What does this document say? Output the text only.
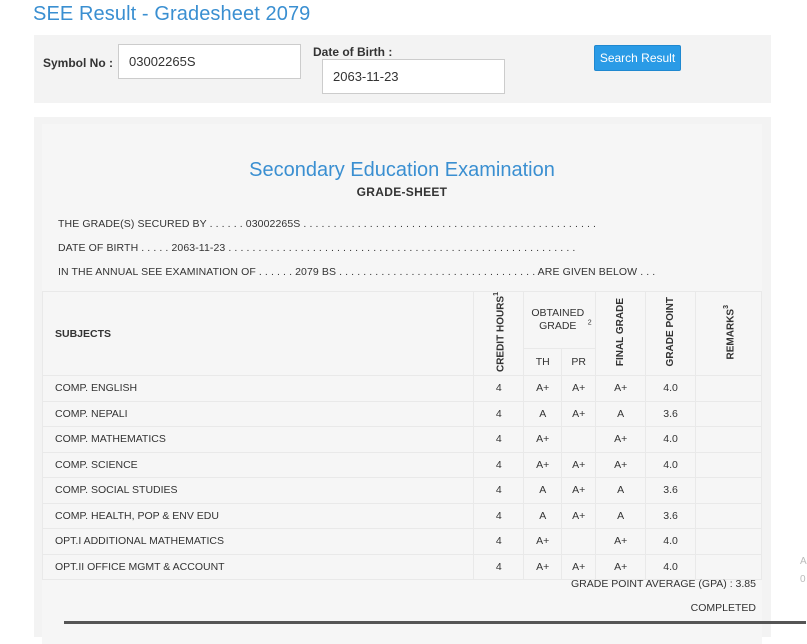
SEE Result - Gradesheet 2079
Symbol No :
03002265S
Date of Birth :
2063-11-23	Search Result
Secondary Education Examination
GRADE-SHEET
THE GRADE(S) SECURED BY . . . . . . 03002265S . . . . . . . . . . . . . . . . . . . . . . . . . . . . . . . . . . . . . . . . . . . . . . . . .
DATE OF BIRTH . . . . . 2063-11-23 . . . . . . . . . . . . . . . . . . . . . . . . . . . . . . . . . . . . . . . . . . . . . . . . . . . . . . . . . .
IN THE ANNUAL SEE EXAMINATION OF . . . . . . 2079 BS . . . . . . . . . . . . . . . . . . . . . . . . . . . . . . . . . ARE GIVEN BELOW . . .
SUBJECTS	CREDIT HOURS$^1$	OBTAINED GRADE $^2$		FINAL GRADE	GRADE POINT	REMARKS$^3$
		TH	PR			
COMP. ENGLISH	4	A+	A+	A+	4.0	
COMP. NEPALI	4	A	A+	A	3.6	
COMP. MATHEMATICS	4	A+		A+	4.0	
COMP. SCIENCE	4	A+	A+	A+	4.0	
COMP. SOCIAL STUDIES	4	A	A+	A	3.6	
COMP. HEALTH, POP & ENV EDU	4	A	A+	A	3.6	
OPT.I ADDITIONAL MATHEMATICS	4	A+		A+	4.0	
OPT.II OFFICE MGMT & ACCOUNT	4	A+	A+	A+	4.0	
GRADE POINT AVERAGE (GPA) : 3.85
COMPLETED
A
0
